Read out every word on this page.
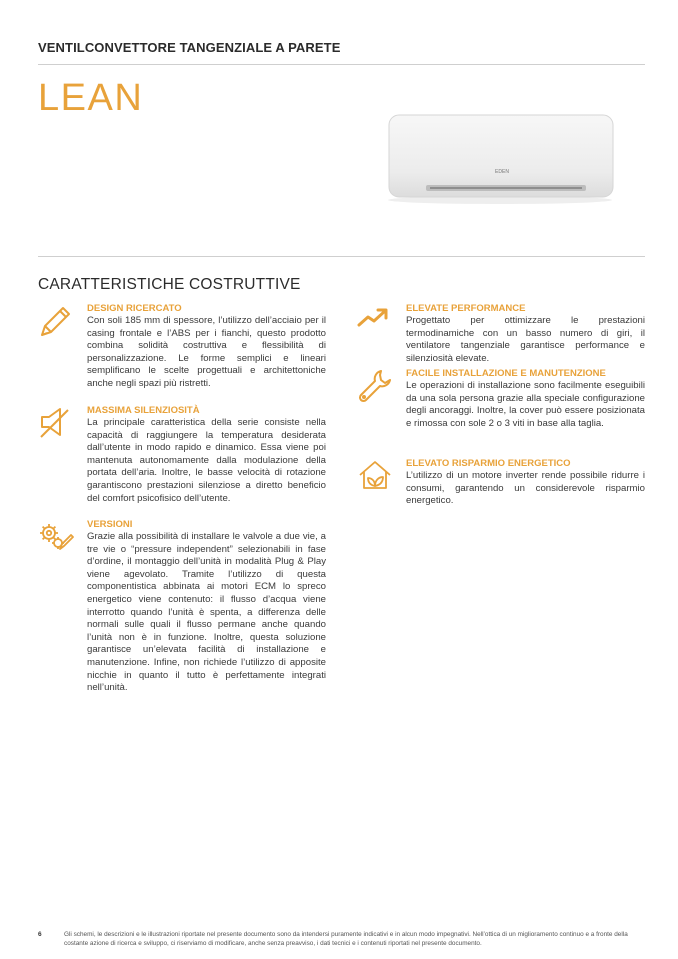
VENTILCONVETTORE TANGENZIALE A PARETE
LEAN
EDEN
CARATTERISTICHE COSTRUTTIVE
DESIGN RICERCATO
Con soli 185 mm di spessore, l’utilizzo dell’acciaio per il casing frontale e l’ABS per i fianchi, questo prodotto combina solidità costruttiva e flessibilità di personalizzazione. Le forme semplici e lineari semplificano le scelte progettuali e architettoniche anche negli spazi più ristretti.
MASSIMA SILENZIOSITÀ
La principale caratteristica della serie consiste nella capacità di raggiungere la temperatura desiderata dall’utente in modo rapido e dinamico. Essa viene poi mantenuta autonomamente dalla modulazione della portata dell’aria. Inoltre, le basse velocità di rotazione garantiscono prestazioni silenziose a diretto beneficio del comfort psicofisico dell’utente.
VERSIONI
Grazie alla possibilità di installare le valvole a due vie, a tre vie o “pressure independent” selezionabili in fase d’ordine, il montaggio dell’unità in modalità Plug & Play viene agevolato. Tramite l’utilizzo di questa componentistica abbinata ai motori ECM lo spreco energetico viene contenuto: il flusso d’acqua viene interrotto quando l’unità è spenta, a differenza delle normali sulle quali il flusso permane anche quando l’unità non è in funzione. Inoltre, questa soluzione garantisce un’elevata facilità di installazione e manutenzione. Infine, non richiede l’utilizzo di apposite nicchie in quanto il tutto è perfettamente integrati nell’unità.
ELEVATE PERFORMANCE
Progettato per ottimizzare le prestazioni termodinamiche con un basso numero di giri, il ventilatore tangenziale garantisce performance e silenziosità elevate.
FACILE INSTALLAZIONE E MANUTENZIONE
Le operazioni di installazione sono facilmente eseguibili da una sola persona grazie alla speciale configurazione degli ancoraggi. Inoltre, la cover può essere posizionata e rimossa con sole 2 o 3 viti in base alla taglia.
ELEVATO RISPARMIO ENERGETICO
L’utilizzo di un motore inverter rende possibile ridurre i consumi, garantendo un considerevole risparmio energetico.
6	Gli schemi, le descrizioni e le illustrazioni riportate nel presente documento sono da intendersi puramente indicativi e in alcun modo impegnativi. Nell’ottica di un miglioramento continuo e a fronte della costante azione di ricerca e sviluppo, ci riserviamo di modificare, anche senza preavviso, i dati tecnici e i contenuti riportati nel presente documento.
